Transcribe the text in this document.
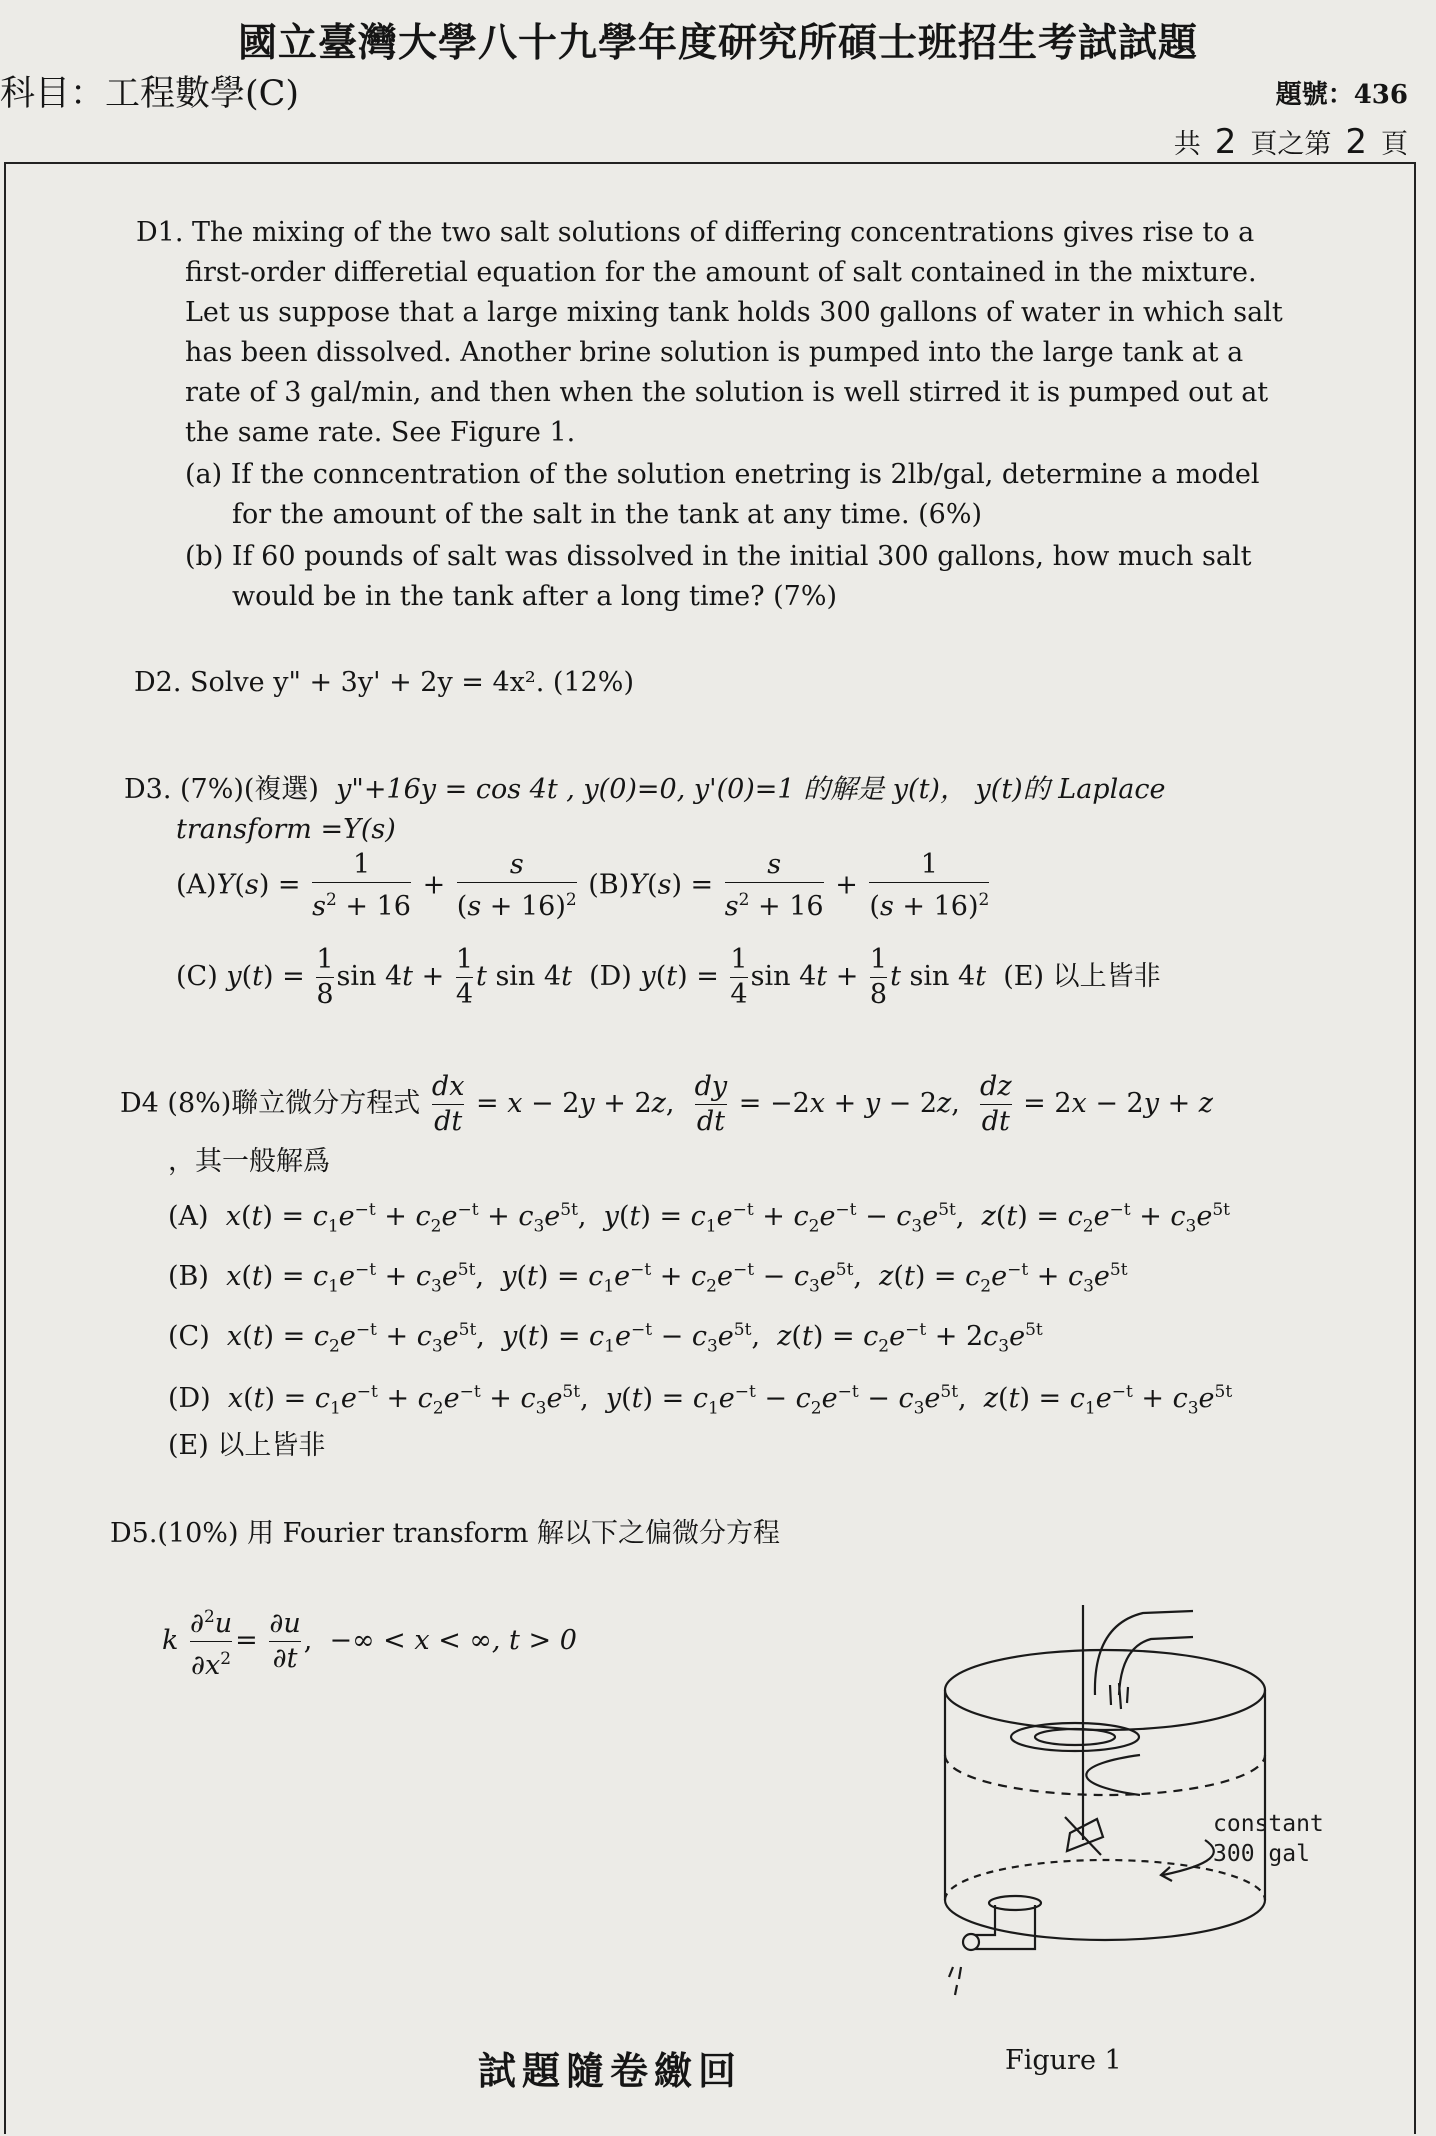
國立臺灣大學八十九學年度研究所碩士班招生考試試題
科目：工程數學(C)	題號：436
共 2 頁之第 2 頁
D1. The mixing of the two salt solutions of differing concentrations gives rise to a
first-order differetial equation for the amount of salt contained in the mixture.
Let us suppose that a large mixing tank holds 300 gallons of water in which salt
has been dissolved. Another brine solution is pumped into the large tank at a
rate of 3 gal/min, and then when the solution is well stirred it is pumped out at
the same rate. See Figure 1.
(a) If the conncentration of the solution enetring is 2lb/gal, determine a model
for the amount of the salt in the tank at any time. (6%)
(b) If 60 pounds of salt was dissolved in the initial 300 gallons, how much salt
would be in the tank after a long time? (7%)
D2. Solve y" + 3y' + 2y = 4x². (12%)
D3. (7%)(複選) y"+16y = cos 4t , y(0)=0, y'(0)=1 的解是 y(t)， y(t)的 Laplace
transform =Y(s)
$(A)Y(s) = \frac{1}{s^2 + 16} + \frac{s}{(s + 16)^2} (B)Y(s) = \frac{s}{s^2 + 16} + \frac{1}{(s + 16)^2}$
(C) $y(t) = \frac{1}{8}$ $\sin 4t + \frac{1}{4}$ t sin 4t  (D) $y(t) = \frac{1}{4}$ $\sin 4t + \frac{1}{8}$ t sin 4t (E) 以上皆非
D4 (8%)聯立微分方程式 $\frac{dx}{dt} = x - 2y + 2z$, $\frac{dy}{dt} = -2x + y - 2z$, $\frac{dz}{dt} = 2x - 2y + z$
，其一般解爲
(A)  $x(t) = c_1e^{-t} + c_2e^{-t} + c_3e^{5t}$,  $y(t) = c_1e^{-t} + c_2e^{-t} - c_3e^{5t}$,  $z(t) = c_2e^{-t} + c_3e^{5t}$
(B)  $x(t) = c_1e^{-t} + c_3e^{5t}$,  $y(t) = c_1e^{-t} + c_2e^{-t} - c_3e^{5t}$,  $z(t) = c_2e^{-t} + c_3e^{5t}$
(C)  $x(t) = c_2e^{-t} + c_3e^{5t}$,  $y(t) = c_1e^{-t} - c_3e^{5t}$,  $z(t) = c_2e^{-t} + 2c_3e^{5t}$
(D)  $x(t) = c_1e^{-t} + c_2e^{-t} + c_3e^{5t}$,  $y(t) = c_1e^{-t} - c_2e^{-t} - c_3e^{5t}$,  $z(t) = c_1e^{-t} + c_3e^{5t}$
(E) 以上皆非
D5.(10%) 用 Fourier transform 解以下之偏微分方程
k $\frac{\partial^2u}{\partial x^2} = \frac{\partial u}{\partial t}$ ,  −∞ < x < ∞, t > 0
constant
300 gal
Figure 1
試題隨卷繳回
